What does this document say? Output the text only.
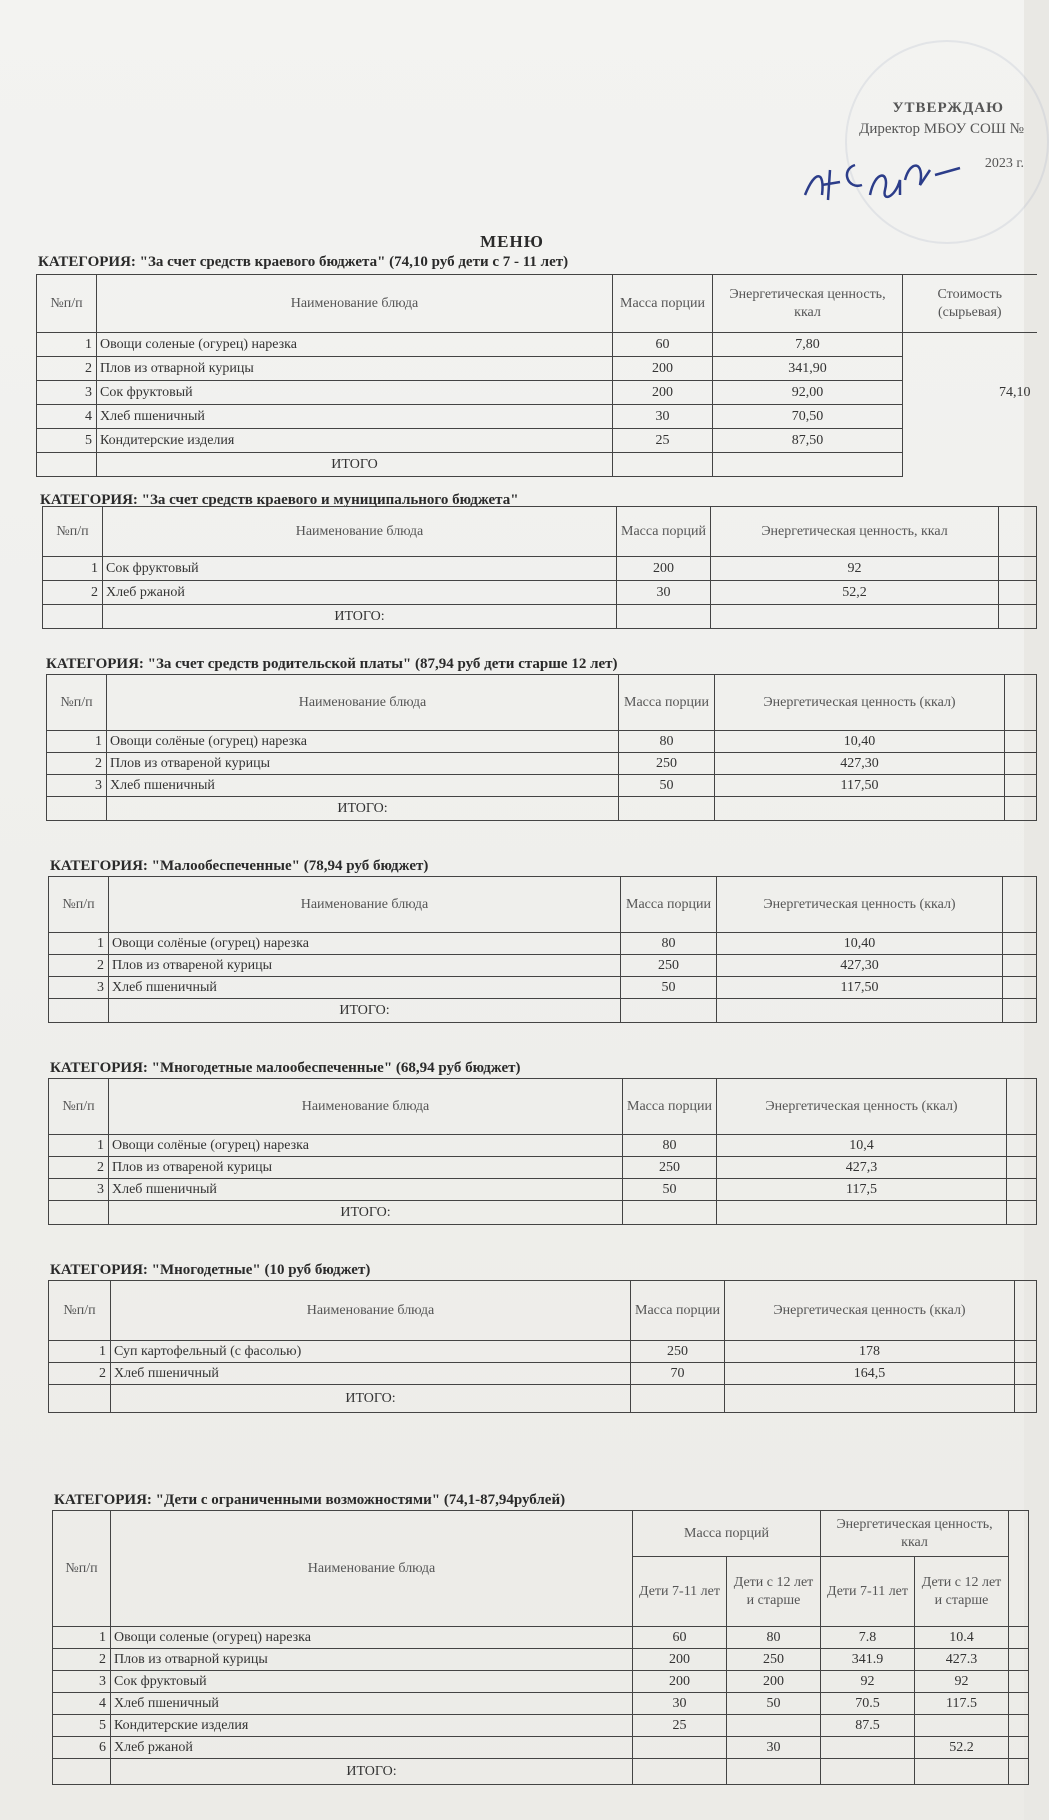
УТВЕРЖДАЮ
Директор МБОУ СОШ №
2023 г.
МЕНЮ
КАТЕГОРИЯ: "За счет средств краевого бюджета" (74,10 руб дети с 7 - 11 лет)
№п/п	Наименование блюда	Масса порции	Энергетическая ценность, ккал	Стоимость (сырьевая)
1	Овощи соленые (огурец) нарезка	60	7,80	74,10
2	Плов из отварной курицы	200	341,90	
3	Сок фруктовый	200	92,00	
4	Хлеб пшеничный	30	70,50	
5	Кондитерские изделия	25	87,50	
	ИТОГО			
КАТЕГОРИЯ: "За счет средств краевого и муниципального бюджета"
№п/п	Наименование блюда	Масса порций	Энергетическая ценность, ккал	
1	Сок фруктовый	200	92	
2	Хлеб ржаной	30	52,2	
	ИТОГО:			
КАТЕГОРИЯ: "За счет средств родительской платы" (87,94 руб дети старше 12 лет)
№п/п	Наименование блюда	Масса порции	Энергетическая ценность (ккал)	
1	Овощи солёные (огурец) нарезка	80	10,40	
2	Плов из отвареной курицы	250	427,30	
3	Хлеб пшеничный	50	117,50	
	ИТОГО:			
КАТЕГОРИЯ: "Малообеспеченные" (78,94 руб бюджет)
№п/п	Наименование блюда	Масса порции	Энергетическая ценность (ккал)	
1	Овощи солёные (огурец) нарезка	80	10,40	
2	Плов из отвареной курицы	250	427,30	
3	Хлеб пшеничный	50	117,50	
	ИТОГО:			
КАТЕГОРИЯ: "Многодетные малообеспеченные" (68,94 руб бюджет)
№п/п	Наименование блюда	Масса порции	Энергетическая ценность (ккал)	
1	Овощи солёные (огурец) нарезка	80	10,4	
2	Плов из отвареной курицы	250	427,3	
3	Хлеб пшеничный	50	117,5	
	ИТОГО:			
КАТЕГОРИЯ: "Многодетные" (10 руб бюджет)
№п/п	Наименование блюда	Масса порции	Энергетическая ценность (ккал)	
1	Суп картофельный (с фасолью)	250	178	
2	Хлеб пшеничный	70	164,5	
	ИТОГО:			
КАТЕГОРИЯ: "Дети с ограниченными возможностями" (74,1-87,94рублей)
№п/п	Наименование блюда	Масса порций		Энергетическая ценность, ккал		
		Дети 7-11 лет	Дети с 12 лет и старше	Дети 7-11 лет	Дети с 12 лет и старше	
1	Овощи соленые (огурец) нарезка	60	80	7.8	10.4	
2	Плов из отварной курицы	200	250	341.9	427.3	
3	Сок фруктовый	200	200	92	92	
4	Хлеб пшеничный	30	50	70.5	117.5	
5	Кондитерские изделия	25		87.5		
6	Хлеб ржаной		30		52.2	
	ИТОГО:					
